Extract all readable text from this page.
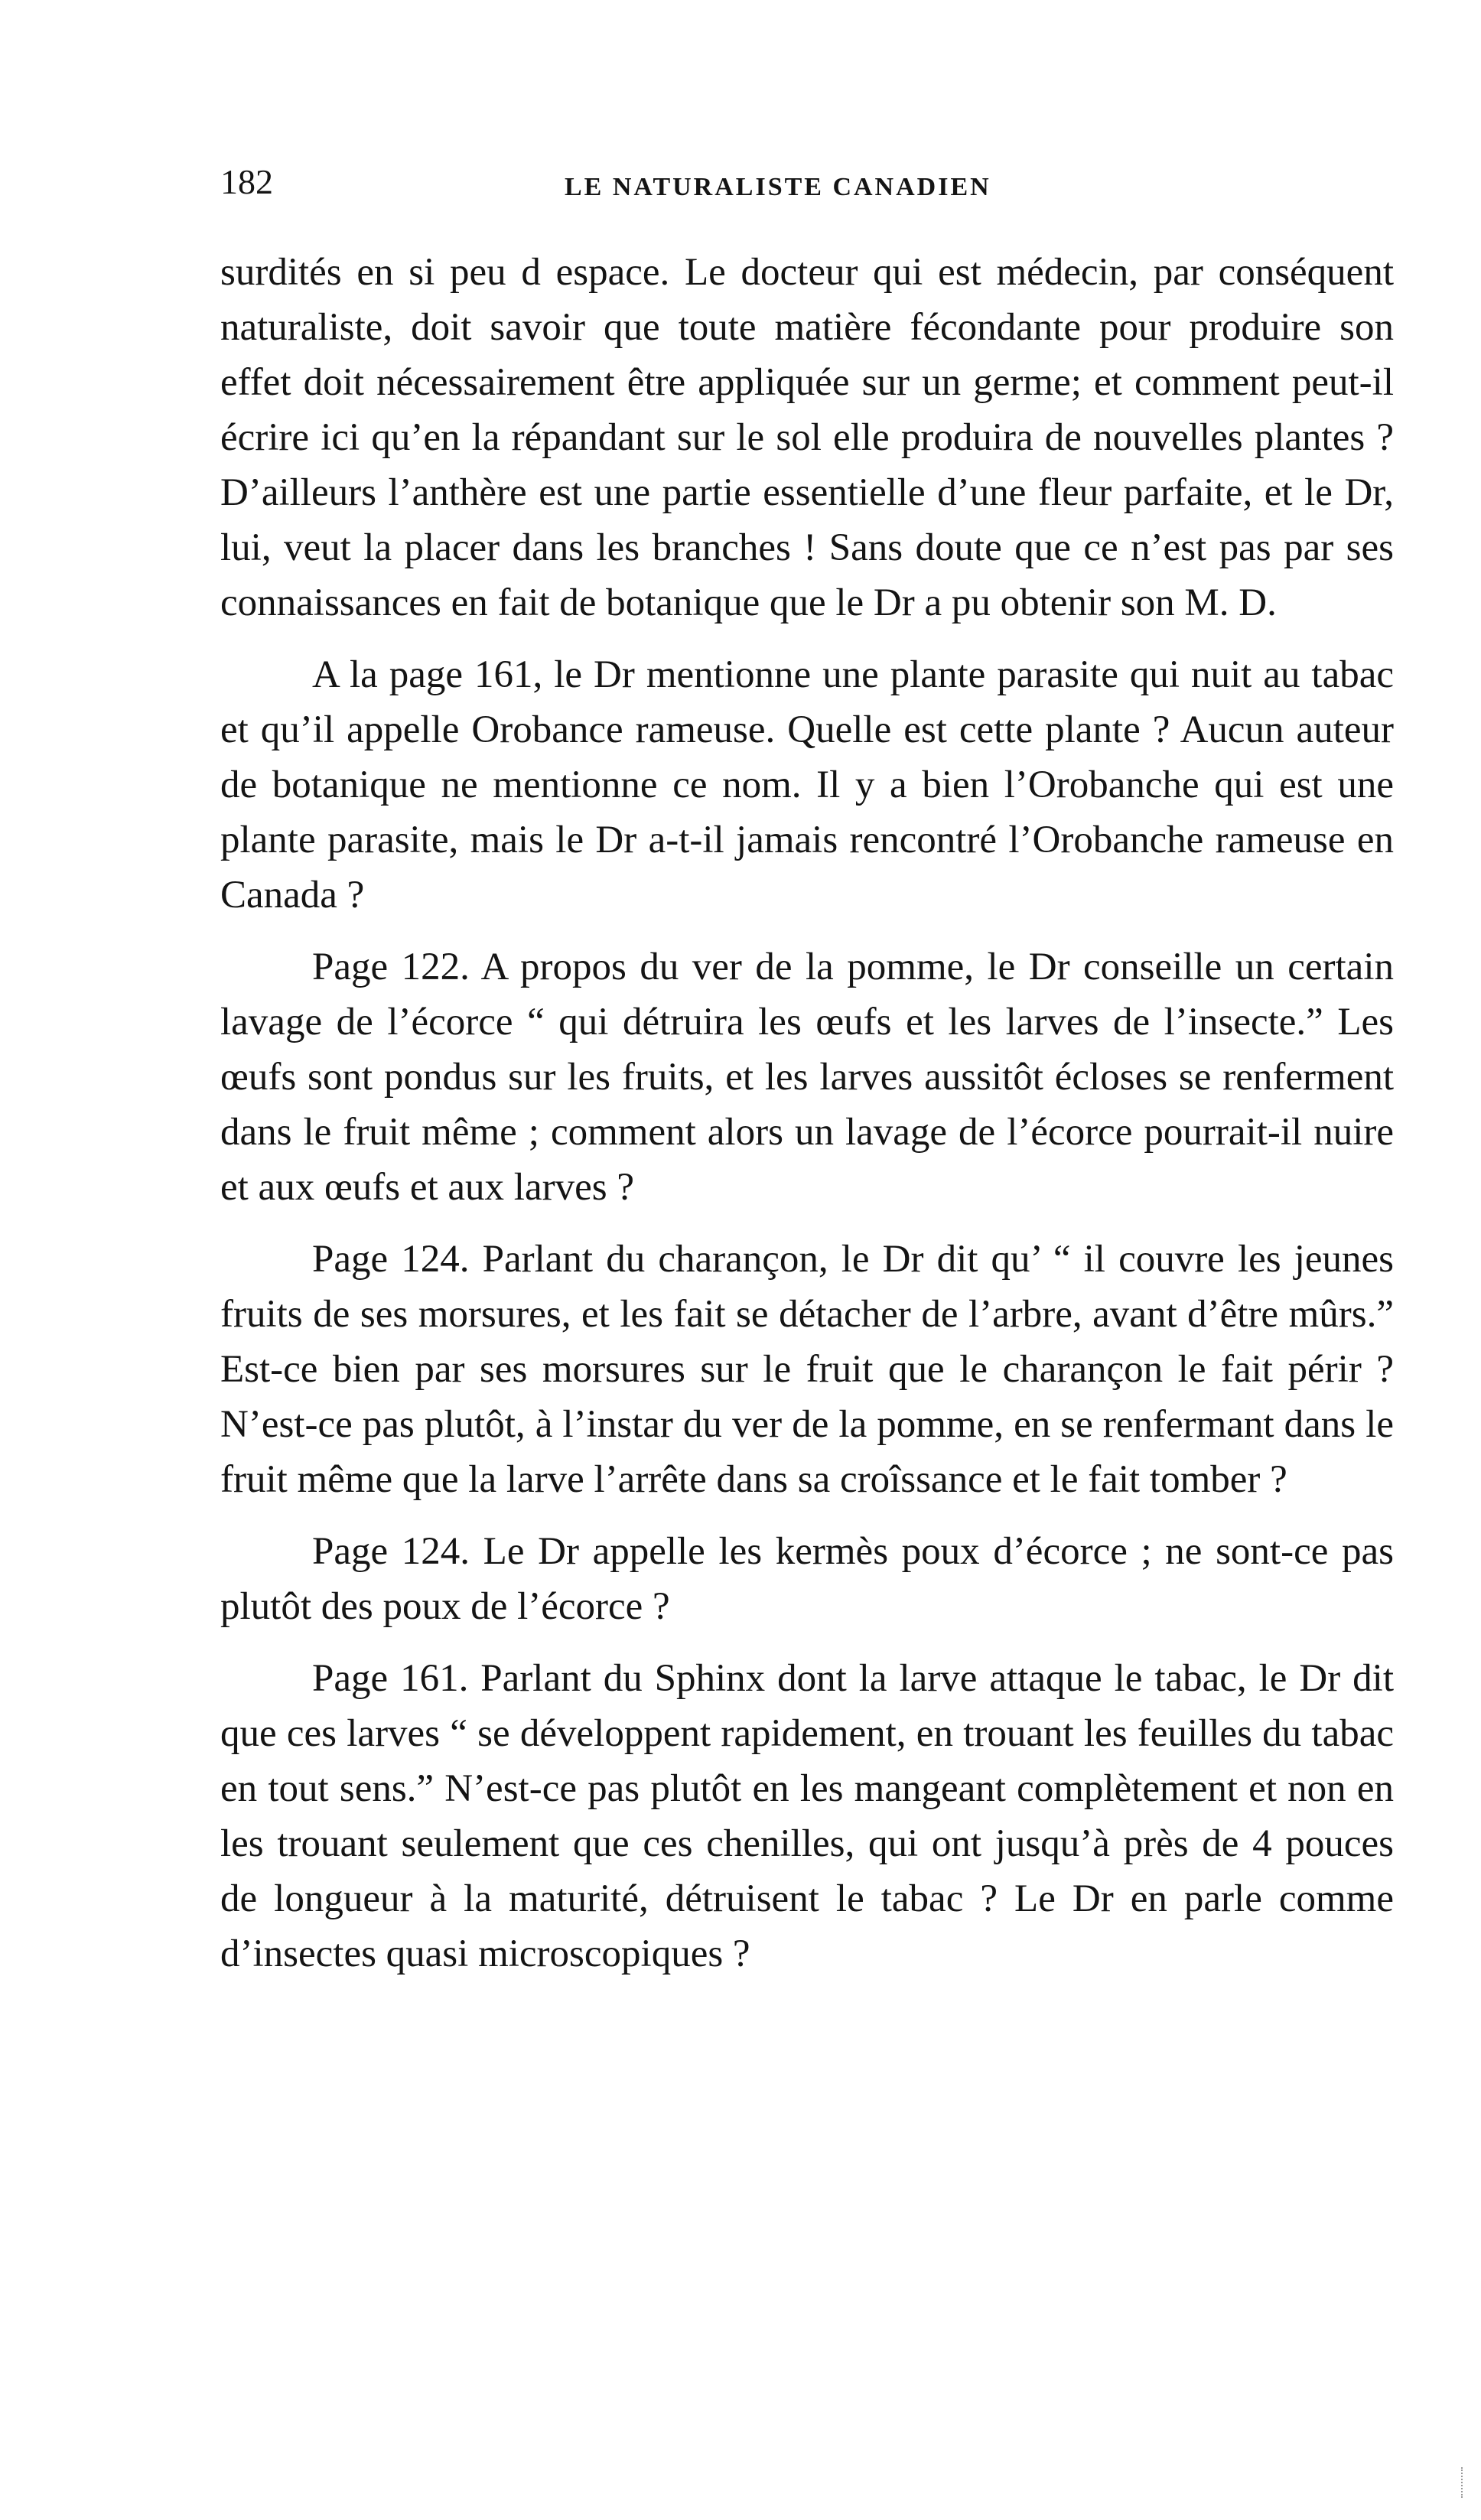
182	LE NATURALISTE CANADIEN

surdités en si peu d espace. Le docteur qui est médecin, par conséquent naturaliste, doit savoir que toute matière fécondante pour produire son effet doit nécessairement être appliquée sur un germe; et comment peut-il écrire ici qu’en la répandant sur le sol elle produira de nouvelles plantes ? D’ailleurs l’anthère est une partie essentielle d’une fleur parfaite, et le Dr, lui, veut la placer dans les branches ! Sans doute que ce n’est pas par ses connaissances en fait de botanique que le Dr a pu obtenir son M. D.

A la page 161, le Dr mentionne une plante parasite qui nuit au tabac et qu’il appelle Orobance rameuse. Quelle est cette plante ? Aucun auteur de botanique ne mentionne ce nom. Il y a bien l’Orobanche qui est une plante parasite, mais le Dr a-t-il jamais rencontré l’Orobanche rameuse en Canada ?

Page 122. A propos du ver de la pomme, le Dr conseille un certain lavage de l’écorce “ qui détruira les œufs et les larves de l’insecte.” Les œufs sont pondus sur les fruits, et les larves aussitôt écloses se renferment dans le fruit même ; comment alors un lavage de l’écorce pourrait-il nuire et aux œufs et aux larves ?

Page 124. Parlant du charançon, le Dr dit qu’ “ il couvre les jeunes fruits de ses morsures, et les fait se détacher de l’arbre, avant d’être mûrs.” Est-ce bien par ses morsures sur le fruit que le charançon le fait périr ? N’est-ce pas plutôt, à l’instar du ver de la pomme, en se renfermant dans le fruit même que la larve l’arrête dans sa croîssance et le fait tomber ?

Page 124. Le Dr appelle les kermès poux d’écorce ; ne sont-ce pas plutôt des poux de l’écorce ?

Page 161. Parlant du Sphinx dont la larve attaque le tabac, le Dr dit que ces larves “ se développent rapidement, en trouant les feuilles du tabac en tout sens.” N’est-ce pas plutôt en les mangeant complètement et non en les trouant seulement que ces chenilles, qui ont jusqu’à près de 4 pouces de longueur à la maturité, détruisent le tabac ? Le Dr en parle comme d’insectes quasi microscopiques ?
